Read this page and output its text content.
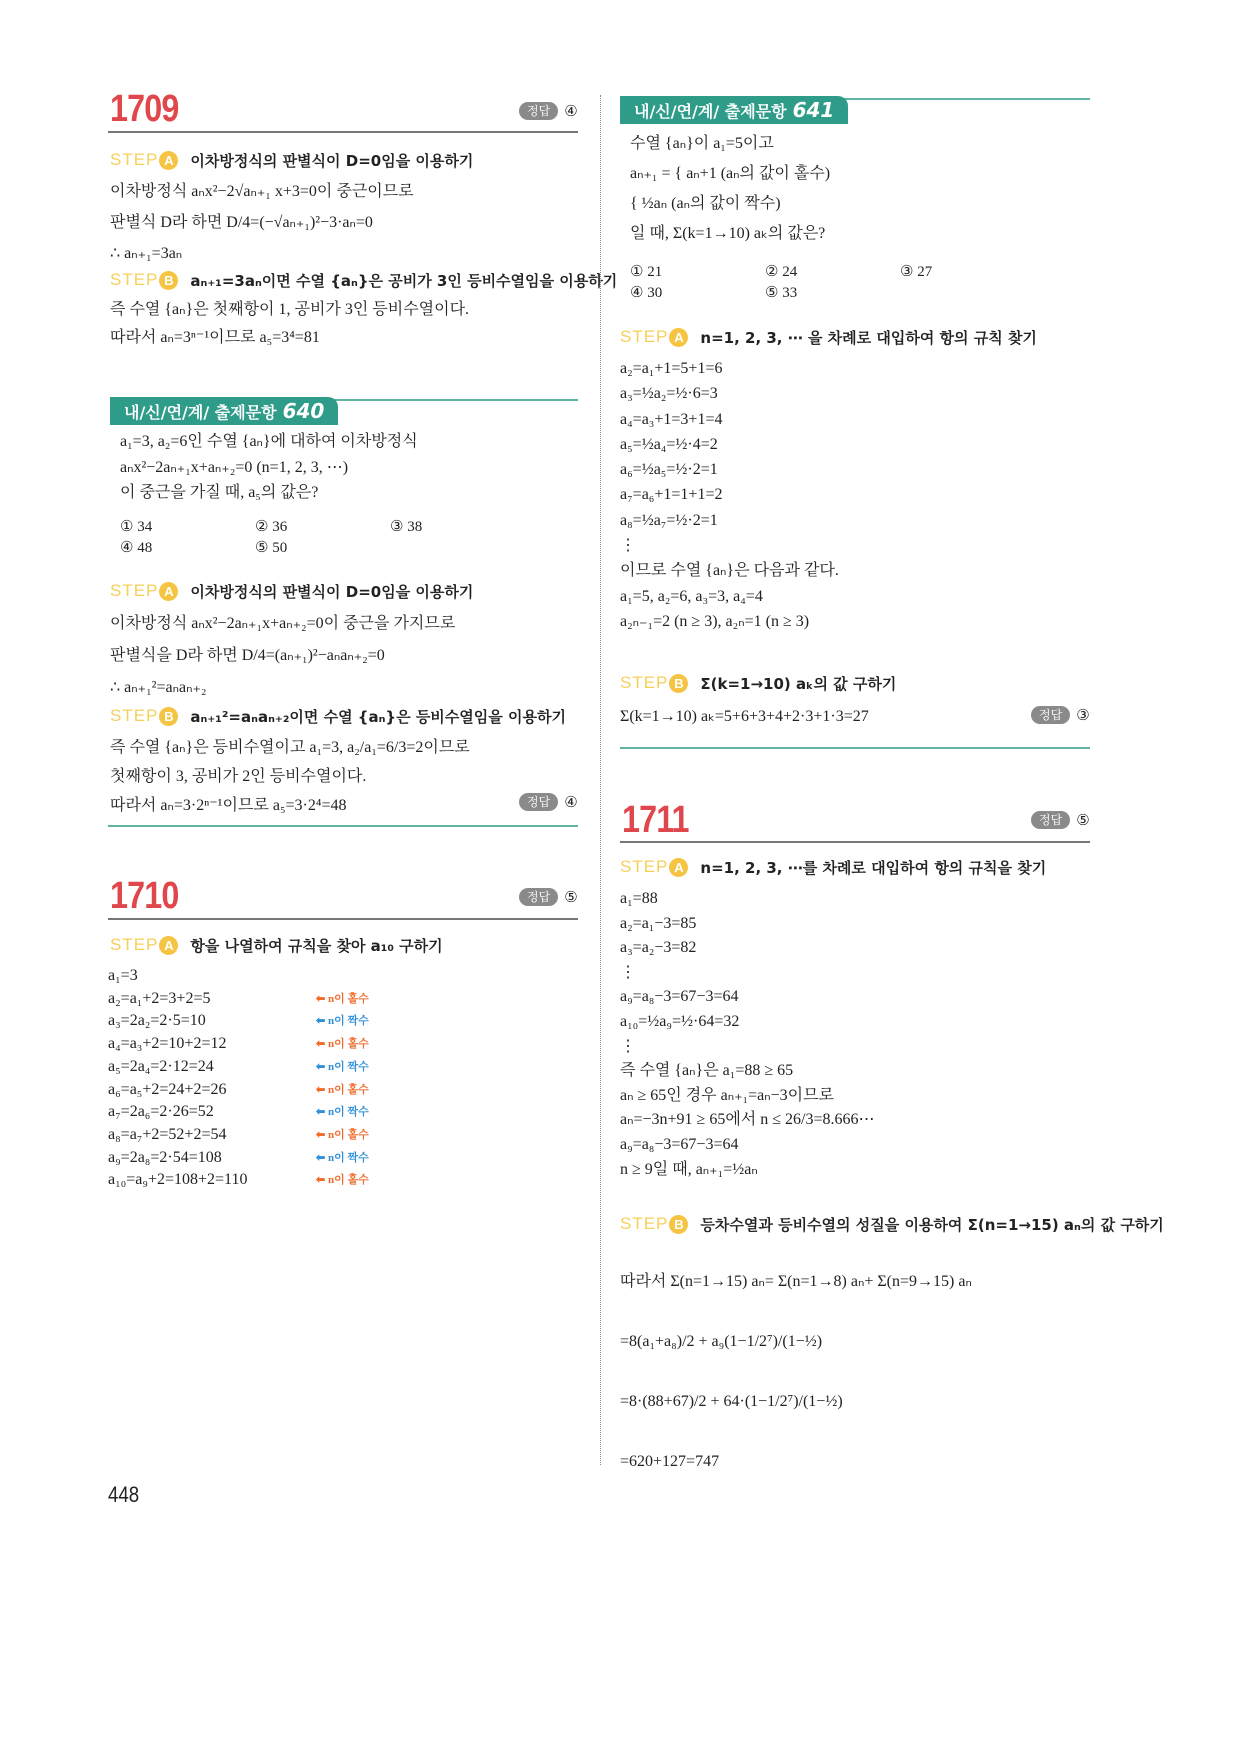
1709	정답 ④
STEP A	이차방정식의 판별식이 D=0임을 이용하기
이차방정식 aₙx²−2√aₙ₊₁ x+3=0이 중근이므로
판별식 D라 하면 D/4=(−√aₙ₊₁)²−3·aₙ=0
∴ aₙ₊₁=3aₙ
STEP B	aₙ₊₁=3aₙ이면 수열 {aₙ}은 공비가 3인 등비수열임을 이용하기
즉 수열 {aₙ}은 첫째항이 1, 공비가 3인 등비수열이다.
따라서 aₙ=3ⁿ⁻¹이므로 a₅=3⁴=81
내/신/연/계/ 출제문항 640
a₁=3, a₂=6인 수열 {aₙ}에 대하여 이차방정식
aₙx²−2aₙ₊₁x+aₙ₊₂=0 (n=1, 2, 3, ⋯)
이 중근을 가질 때, a₅의 값은?
① 34	② 36	③ 38
④ 48	⑤ 50
STEP A	이차방정식의 판별식이 D=0임을 이용하기
이차방정식 aₙx²−2aₙ₊₁x+aₙ₊₂=0이 중근을 가지므로
판별식을 D라 하면 D/4=(aₙ₊₁)²−aₙaₙ₊₂=0
∴ aₙ₊₁²=aₙaₙ₊₂
STEP B	aₙ₊₁²=aₙaₙ₊₂이면 수열 {aₙ}은 등비수열임을 이용하기
즉 수열 {aₙ}은 등비수열이고 a₁=3, a₂/a₁=6/3=2이므로
첫째항이 3, 공비가 2인 등비수열이다.
따라서 aₙ=3·2ⁿ⁻¹이므로 a₅=3·2⁴=48	정답 ④
1710	정답 ⑤
STEP A	항을 나열하여 규칙을 찾아 a₁₀ 구하기
a₁=3
a₂=a₁+2=3+2=5	⬅ n이 홀수
a₃=2a₂=2·5=10	⬅ n이 짝수
a₄=a₃+2=10+2=12	⬅ n이 홀수
a₅=2a₄=2·12=24	⬅ n이 짝수
a₆=a₅+2=24+2=26	⬅ n이 홀수
a₇=2a₆=2·26=52	⬅ n이 짝수
a₈=a₇+2=52+2=54	⬅ n이 홀수
a₉=2a₈=2·54=108	⬅ n이 짝수
a₁₀=a₉+2=108+2=110	⬅ n이 홀수
448
내/신/연/계/ 출제문항 641
수열 {aₙ}이 a₁=5이고
aₙ₊₁ = { aₙ+1 (aₙ의 값이 홀수)
{ ½aₙ (aₙ의 값이 짝수)
일 때, Σ(k=1→10) aₖ의 값은?
① 21	② 24	③ 27
④ 30	⑤ 33
STEP A	n=1, 2, 3, ⋯ 을 차례로 대입하여 항의 규칙 찾기
a₂=a₁+1=5+1=6
a₃=½a₂=½·6=3
a₄=a₃+1=3+1=4
a₅=½a₄=½·4=2
a₆=½a₅=½·2=1
a₇=a₆+1=1+1=2
a₈=½a₇=½·2=1
⋮
이므로 수열 {aₙ}은 다음과 같다.
a₁=5, a₂=6, a₃=3, a₄=4
a₂ₙ₋₁=2 (n ≥ 3), a₂ₙ=1 (n ≥ 3)
STEP B	Σ(k=1→10) aₖ의 값 구하기
Σ(k=1→10) aₖ=5+6+3+4+2·3+1·3=27	정답 ③
1711	정답 ⑤
STEP A	n=1, 2, 3, ⋯를 차례로 대입하여 항의 규칙을 찾기
a₁=88
a₂=a₁−3=85
a₃=a₂−3=82
⋮
a₉=a₈−3=67−3=64
a₁₀=½a₉=½·64=32
⋮
즉 수열 {aₙ}은 a₁=88 ≥ 65
aₙ ≥ 65인 경우 aₙ₊₁=aₙ−3이므로
aₙ=−3n+91 ≥ 65에서 n ≤ 26/3=8.666⋯
a₉=a₈−3=67−3=64
n ≥ 9일 때, aₙ₊₁=½aₙ
STEP B	등차수열과 등비수열의 성질을 이용하여 Σ(n=1→15) aₙ의 값 구하기
따라서 Σ(n=1→15) aₙ= Σ(n=1→8) aₙ+ Σ(n=9→15) aₙ
=8(a₁+a₈)/2 + a₉(1−1/2⁷)/(1−½)
=8·(88+67)/2 + 64·(1−1/2⁷)/(1−½)
=620+127=747
